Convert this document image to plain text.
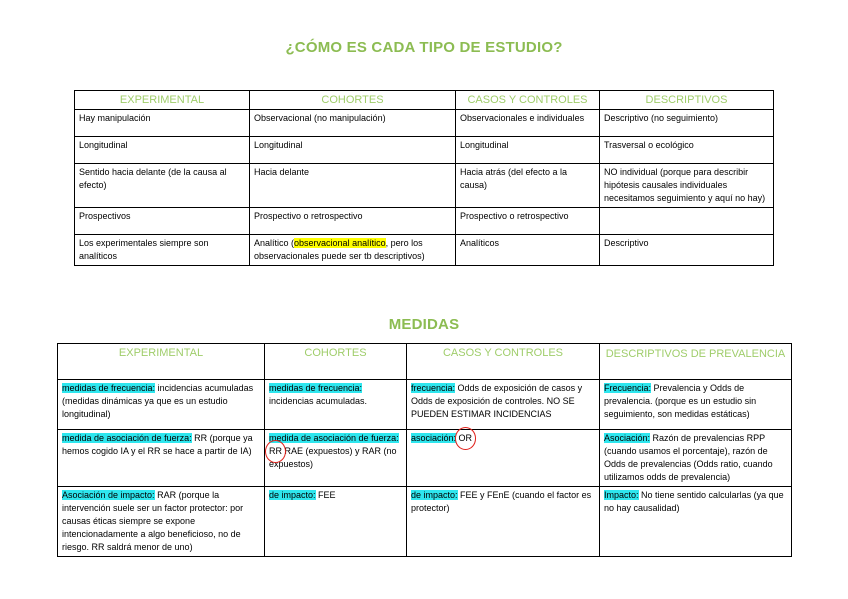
¿CÓMO ES CADA TIPO DE ESTUDIO?
EXPERIMENTAL	COHORTES	CASOS Y CONTROLES	DESCRIPTIVOS
Hay manipulación	Observacional (no manipulación)	Observacionales e individuales	Descriptivo (no seguimiento)
Longitudinal	Longitudinal	Longitudinal	Trasversal o ecológico
Sentido hacia delante (de la causa al efecto)	Hacia delante	Hacia atrás (del efecto a la causa)	NO individual (porque para describir hipótesis causales individuales necesitamos seguimiento y aquí no hay)
Prospectivos	Prospectivo o retrospectivo	Prospectivo o retrospectivo	
Los experimentales siempre son analíticos	Analítico (observacional analítico, pero los observacionales puede ser tb descriptivos)	Analíticos	Descriptivo
MEDIDAS
EXPERIMENTAL	COHORTES	CASOS Y CONTROLES	DESCRIPTIVOS DE PREVALENCIA
medidas de frecuencia: incidencias acumuladas (medidas dinámicas ya que es un estudio longitudinal)	medidas de frecuencia: incidencias acumuladas.	frecuencia: Odds de exposición de casos y Odds de exposición de controles. NO SE PUEDEN ESTIMAR INCIDENCIAS	Frecuencia: Prevalencia y Odds de prevalencia. (porque es un estudio sin seguimiento, son medidas estáticas)
medida de asociación de fuerza: RR (porque ya hemos cogido IA y el RR se hace a partir de IA)	medida de asociación de fuerza:RR RAE (expuestos) y RAR (no expuestos)	asociación: OR	Asociación: Razón de prevalencias RPP (cuando usamos el porcentaje), razón de Odds de prevalencias (Odds ratio, cuando utilizamos odds de prevalencia)
Asociación de impacto: RAR (porque la intervención suele ser un factor protector: por causas éticas siempre se expone intencionadamente a algo beneficioso, no de riesgo. RR saldrá menor de uno)	de impacto: FEE	de impacto: FEE y FEnE (cuando el factor es protector)	Impacto: No tiene sentido calcularlas (ya que no hay causalidad)
